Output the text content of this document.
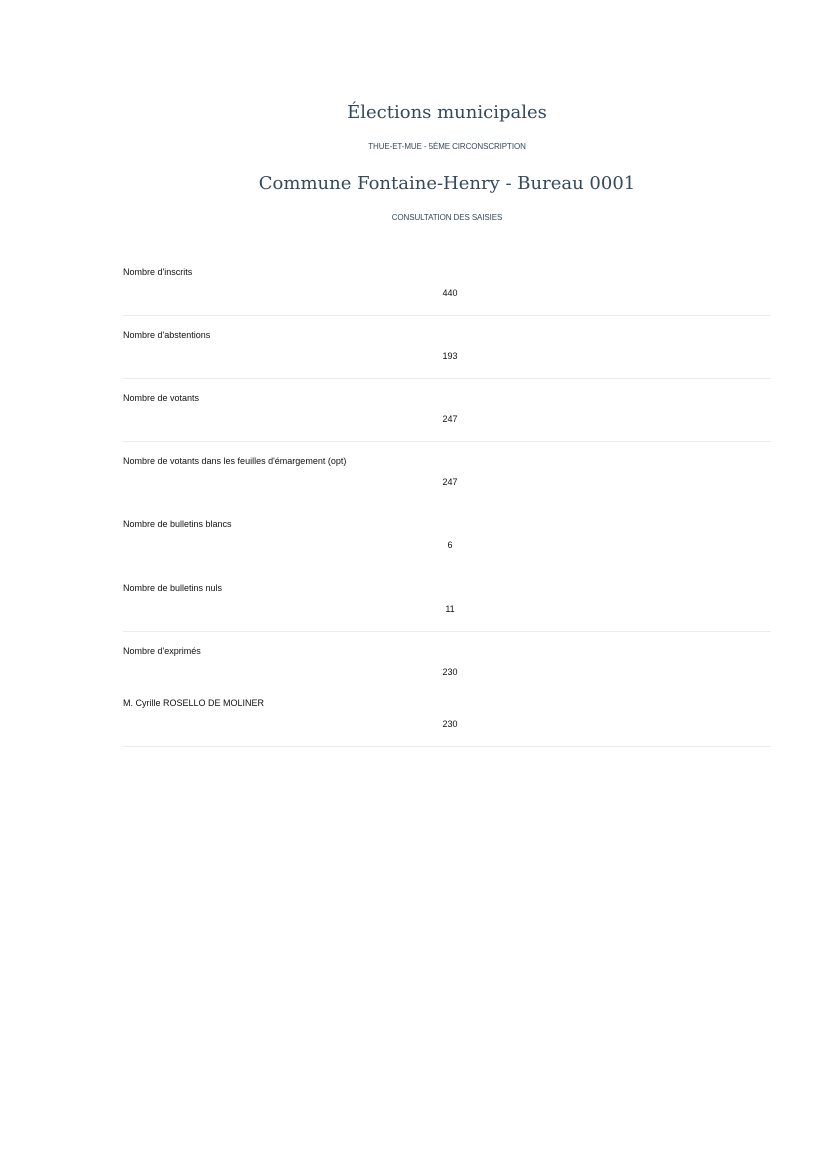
Élections municipales
THUE-ET-MUE - 5ÈME CIRCONSCRIPTION
Commune Fontaine-Henry - Bureau 0001
CONSULTATION DES SAISIES
Nombre d'inscrits
440
Nombre d'abstentions
193
Nombre de votants
247
Nombre de votants dans les feuilles d'émargement (opt)
247
Nombre de bulletins blancs
6
Nombre de bulletins nuls
11
Nombre d'exprimés
230
M. Cyrille ROSELLO DE MOLINER
230
